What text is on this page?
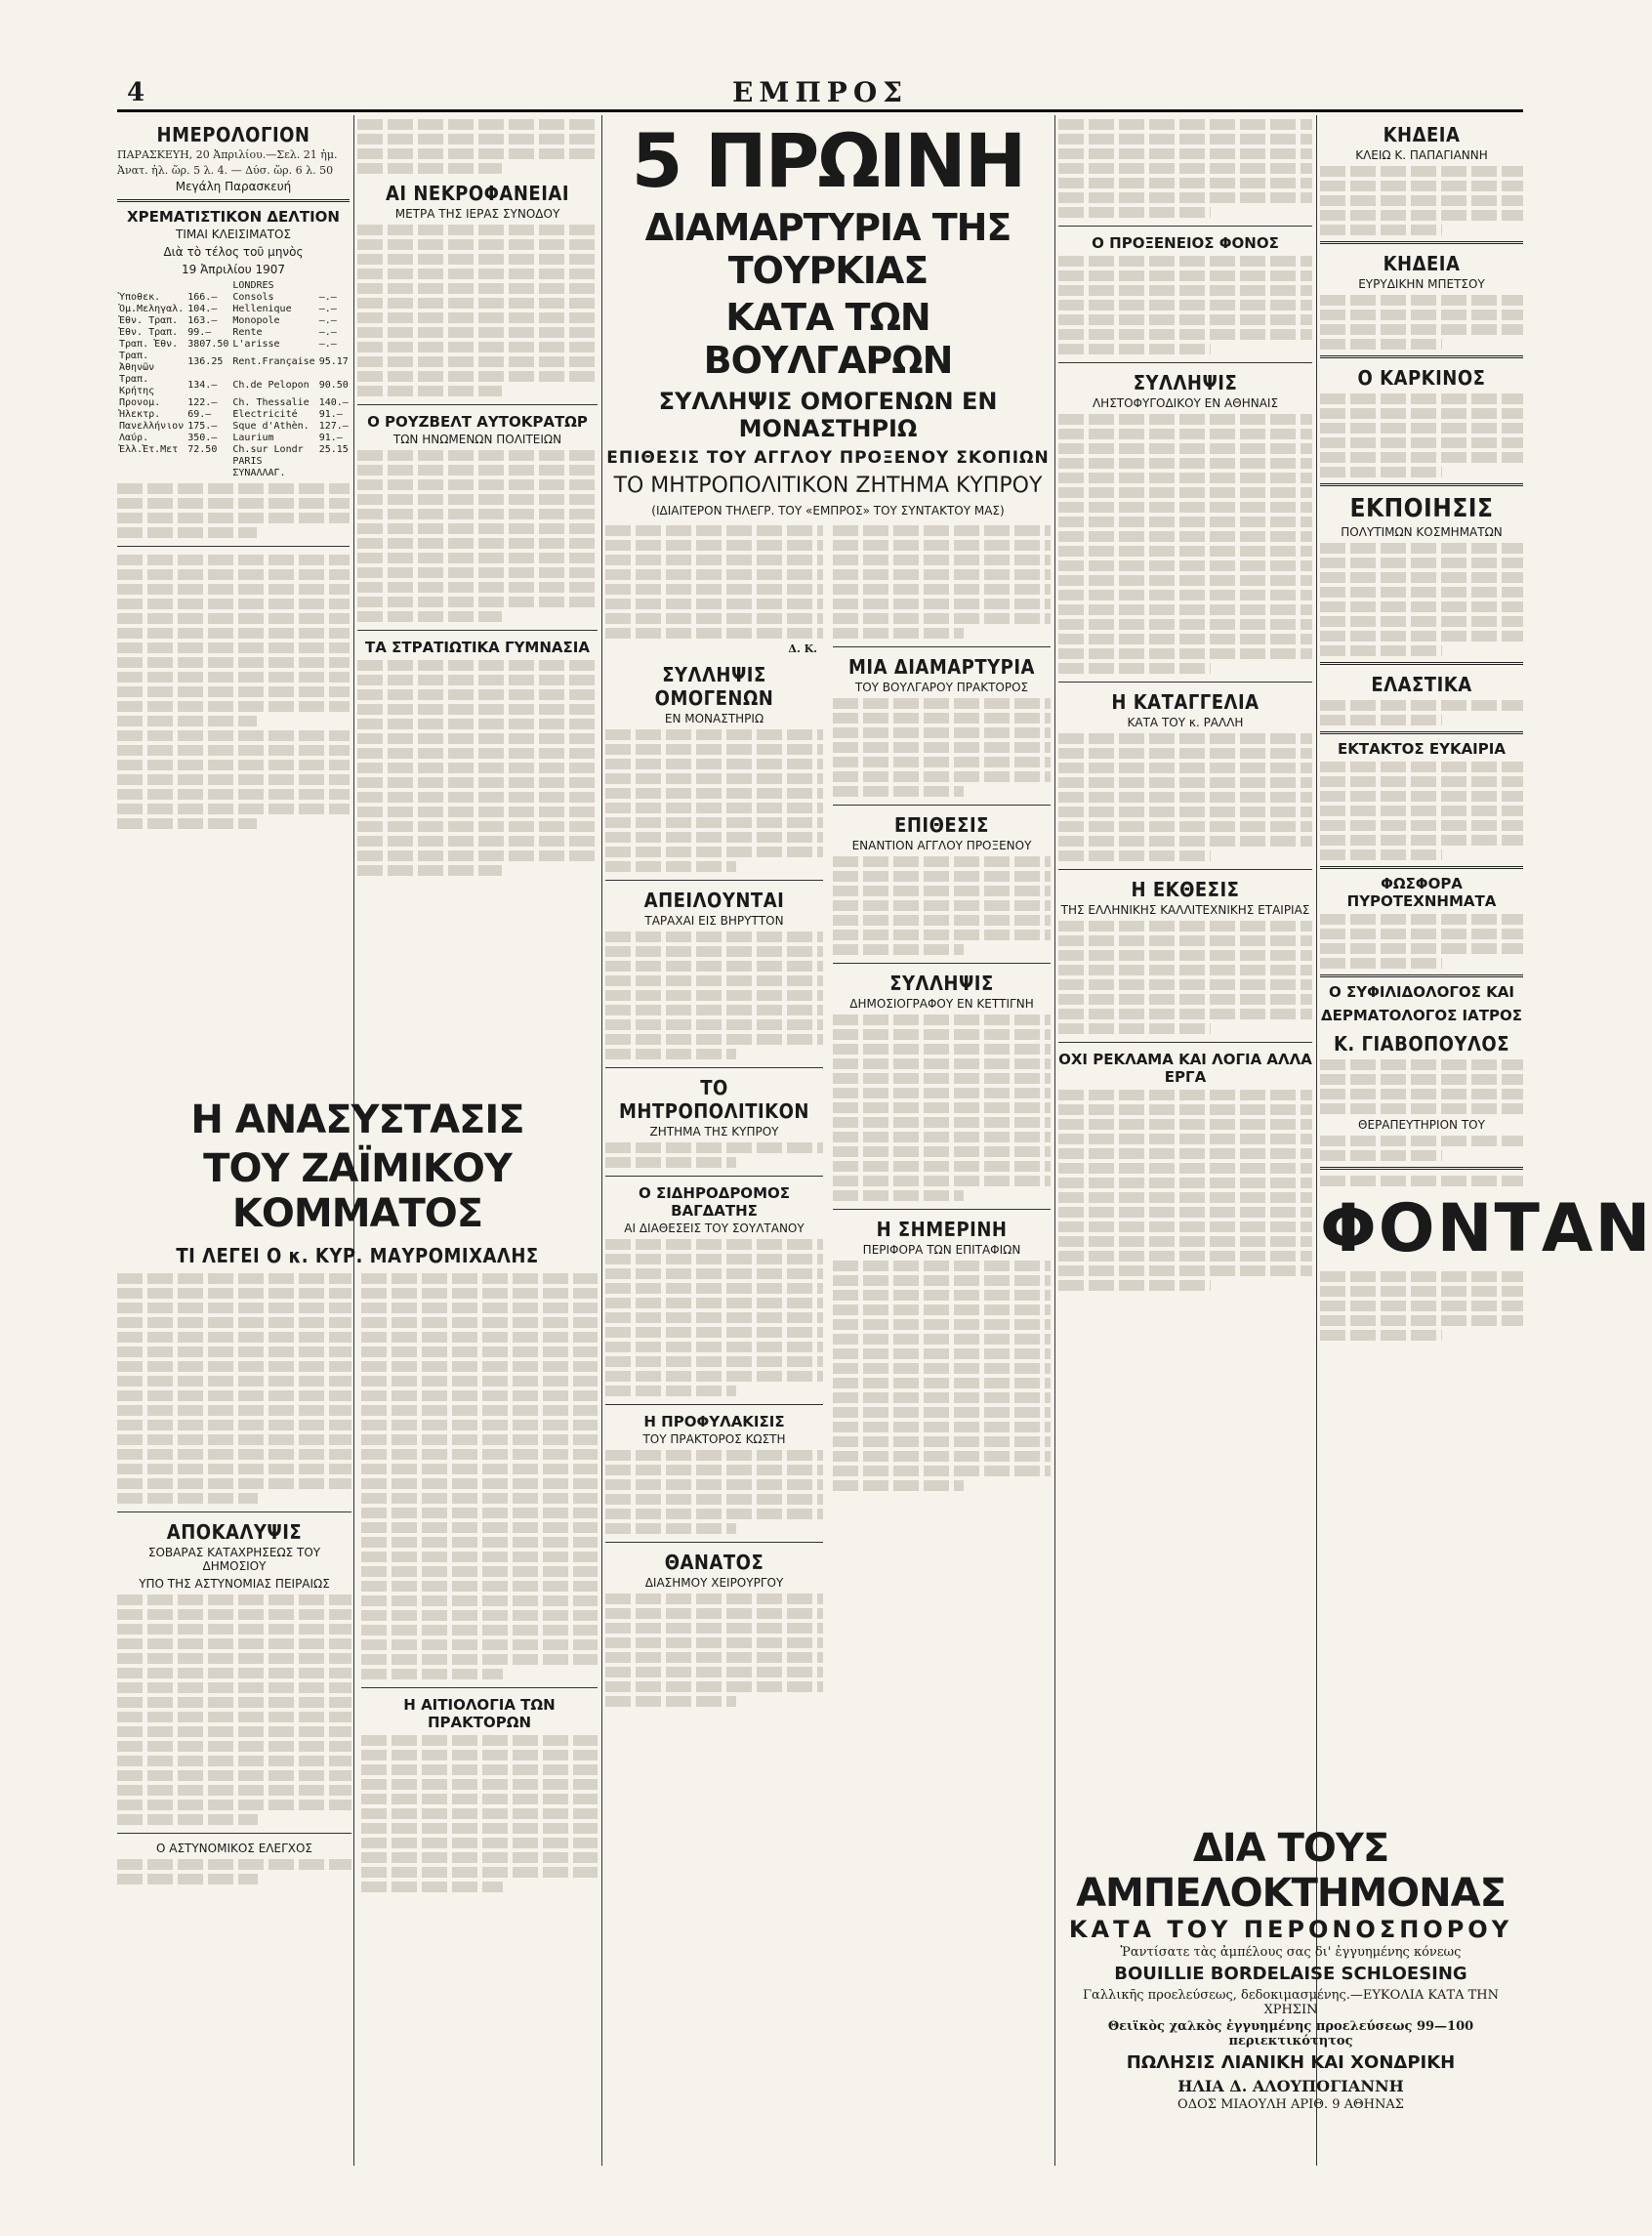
4	ΕΜΠΡΟΣ
ΗΜΕΡΟΛΟΓΙΟΝ
ΠΑΡΑΣΚΕΥΗ, 20 Ἀπριλίου.—Σελ. 21 ἡμ.
Ἀνατ. ἡλ. ὥρ. 5 λ. 4. — Δύσ. ὥρ. 6 λ. 50
Μεγάλη Παρασκευή
ΧΡΕΜΑΤΙΣΤΙΚΟΝ ΔΕΛΤΙΟΝ
ΤΙΜΑΙ ΚΛΕΙΣΙΜΑΤΟΣ
Διὰ τὸ τέλος τοῦ μηνὸς
19 Ἀπριλίου 1907
		LONDRES	
Ὑποθεκ.	166.—	Consols	—.—
Ὁμ.Μεληγαλ.	104.—	Hellenique	—.—
Ἐθν. Τραπ.	163.—	Monopole	—.—
Ἐθν. Τραπ.	99.—	Rente	—.—
Τραπ. Ἐθν.	3807.50	L'arisse	—.—
Τραπ. Ἀθηνῶν	136.25	Rent.Française	95.17
Τραπ. Κρήτης	134.—	Ch.de Pelopon	90.50
Προνομ.	122.—	Ch. Thessalie	140.—
Ἡλεκτρ.	69.—	Electricité	91.—
Πανελλήνιον	175.—	Sque d'Athèn.	127.—
Λαύρ.	350.—	Laurium	91.—
Ἐλλ.Ἐτ.Μετ	72.50	Ch.sur Londr	25.15
		PARIS	
		ΣΥΝΑΛΛΑΓ.	
ΑΙ ΝΕΚΡΟΦΑΝΕΙΑΙ
ΜΕΤΡΑ ΤΗΣ ΙΕΡΑΣ ΣΥΝΟΔΟΥ
Ο ΡΟΥΖΒΕΛΤ ΑΥΤΟΚΡΑΤΩΡ
ΤΩΝ ΗΝΩΜΕΝΩΝ ΠΟΛΙΤΕΙΩΝ
ΤΑ ΣΤΡΑΤΙΩΤΙΚΑ ΓΥΜΝΑΣΙΑ
Η ΑΝΑΣΥΣΤΑΣΙΣ
ΤΟΥ ΖΑΪΜΙΚΟΥ ΚΟΜΜΑΤΟΣ
ΤΙ ΛΕΓΕΙ Ο κ. ΚΥΡ. ΜΑΥΡΟΜΙΧΑΛΗΣ
ΑΠΟΚΑΛΥΨΙΣ
ΣΟΒΑΡΑΣ ΚΑΤΑΧΡΗΣΕΩΣ ΤΟΥ ΔΗΜΟΣΙΟΥ
ΥΠΟ ΤΗΣ ΑΣΤΥΝΟΜΙΑΣ ΠΕΙΡΑΙΩΣ
Ο ΑΣΤΥΝΟΜΙΚΟΣ ΕΛΕΓΧΟΣ
Η ΑΙΤΙΟΛΟΓΙΑ ΤΩΝ ΠΡΑΚΤΟΡΩΝ
5 ΠΡΩΙΝΗ
ΔΙΑΜΑΡΤΥΡΙΑ ΤΗΣ ΤΟΥΡΚΙΑΣ
ΚΑΤΑ ΤΩΝ ΒΟΥΛΓΑΡΩΝ
ΣΥΛΛΗΨΙΣ ΟΜΟΓΕΝΩΝ ΕΝ ΜΟΝΑΣΤΗΡΙΩ
ΕΠΙΘΕΣΙΣ ΤΟΥ ΑΓΓΛΟΥ ΠΡΟΞΕΝΟΥ ΣΚΟΠΙΩΝ
ΤΟ ΜΗΤΡΟΠΟΛΙΤΙΚΟΝ ΖΗΤΗΜΑ ΚΥΠΡΟΥ
(ΙΔΙΑΙΤΕΡΟΝ ΤΗΛΕΓΡ. ΤΟΥ «ΕΜΠΡΟΣ» ΤΟΥ ΣΥΝΤΑΚΤΟΥ ΜΑΣ)
Δ. Κ.
ΣΥΛΛΗΨΙΣ ΟΜΟΓΕΝΩΝ
ΕΝ ΜΟΝΑΣΤΗΡΙΩ
ΑΠΕΙΛΟΥΝΤΑΙ
ΤΑΡΑΧΑΙ ΕΙΣ ΒΗΡΥΤΤΟΝ
ΤΟ ΜΗΤΡΟΠΟΛΙΤΙΚΟΝ
ΖΗΤΗΜΑ ΤΗΣ ΚΥΠΡΟΥ
Ο ΣΙΔΗΡΟΔΡΟΜΟΣ ΒΑΓΔΑΤΗΣ
ΑΙ ΔΙΑΘΕΣΕΙΣ ΤΟΥ ΣΟΥΛΤΑΝΟΥ
Η ΠΡΟΦΥΛΑΚΙΣΙΣ
ΤΟΥ ΠΡΑΚΤΟΡΟΣ ΚΩΣΤΗ
ΘΑΝΑΤΟΣ
ΔΙΑΣΗΜΟΥ ΧΕΙΡΟΥΡΓΟΥ
ΜΙΑ ΔΙΑΜΑΡΤΥΡΙΑ
ΤΟΥ ΒΟΥΛΓΑΡΟΥ ΠΡΑΚΤΟΡΟΣ
ΕΠΙΘΕΣΙΣ
ΕΝΑΝΤΙΟΝ ΑΓΓΛΟΥ ΠΡΟΞΕΝΟΥ
ΣΥΛΛΗΨΙΣ
ΔΗΜΟΣΙΟΓΡΑΦΟΥ ΕΝ ΚΕΤΤΙΓΝΗ
Η ΣΗΜΕΡΙΝΗ
ΠΕΡΙΦΟΡΑ ΤΩΝ ΕΠΙΤΑΦΙΩΝ
Ο ΠΡΟΞΕΝΕΙΟΣ ΦΟΝΟΣ
ΣΥΛΛΗΨΙΣ
ΛΗΣΤΟΦΥΓΟΔΙΚΟΥ ΕΝ ΑΘΗΝΑΙΣ
Η ΚΑΤΑΓΓΕΛΙΑ
ΚΑΤΑ ΤΟΥ κ. ΡΑΛΛΗ
Η ΕΚΘΕΣΙΣ
ΤΗΣ ΕΛΛΗΝΙΚΗΣ ΚΑΛΛΙΤΕΧΝΙΚΗΣ ΕΤΑΙΡΙΑΣ
ΟΧΙ ΡΕΚΛΑΜΑ ΚΑΙ ΛΟΓΙΑ ΑΛΛΑ ΕΡΓΑ
ΚΗΔΕΙΑ
ΚΛΕΙΩ Κ. ΠΑΠΑΓΙΑΝΝΗ
ΚΗΔΕΙΑ
ΕΥΡΥΔΙΚΗΝ ΜΠΕΤΣΟΥ
Ο ΚΑΡΚΙΝΟΣ
ΕΚΠΟΙΗΣΙΣ
ΠΟΛΥΤΙΜΩΝ ΚΟΣΜΗΜΑΤΩΝ
ΕΛΑΣΤΙΚΑ
ΕΚΤΑΚΤΟΣ ΕΥΚΑΙΡΙΑ
ΦΩΣΦΟΡΑ ΠΥΡΟΤΕΧΝΗΜΑΤΑ
Ο ΣΥΦΙΛΙΔΟΛΟΓΟΣ ΚΑΙ
ΔΕΡΜΑΤΟΛΟΓΟΣ ΙΑΤΡΟΣ
Κ. ΓΙΑΒΟΠΟΥΛΟΣ
ΘΕΡΑΠΕΥΤΗΡΙΟΝ ΤΟΥ
ΦΟΝΤΑΝ
ΔΙΑ ΤΟΥΣ ΑΜΠΕΛΟΚΤΗΜΟΝΑΣ
ΚΑΤΑ ΤΟΥ ΠΕΡΟΝΟΣΠΟΡΟΥ
Ῥαντίσατε τὰς ἀμπέλους σας δι' ἐγγυημένης κόνεως
BOUILLIE BORDELAISE SCHLOESING
Γαλλικῆς προελεύσεως, δεδοκιμασμένης.—ΕΥΚΟΛΙΑ ΚΑΤΑ ΤΗΝ ΧΡΗΣΙΝ
Θειϊκὸς χαλκὸς ἐγγυημένης προελεύσεως 99—100 περιεκτικότητος
ΠΩΛΗΣΙΣ ΛΙΑΝΙΚΗ ΚΑΙ ΧΟΝΔΡΙΚΗ
ΗΛΙΑ Δ. ΑΛΟΥΠΟΓΙΑΝΝΗ
ΟΔΟΣ ΜΙΑΟΥΛΗ ΑΡΙΘ. 9 ΑΘΗΝΑΣ
